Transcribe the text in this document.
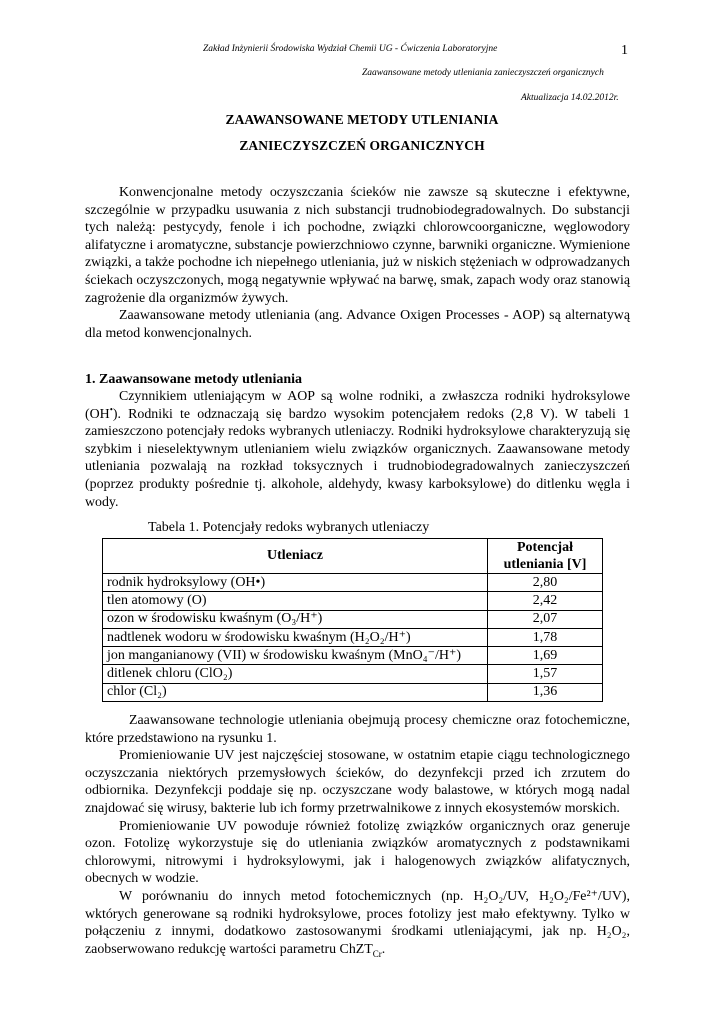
Zakład Inżynierii Środowiska Wydział Chemii UG - Ćwiczenia Laboratoryjne	1
Zaawansowane metody utleniania zanieczyszczeń organicznych
Aktualizacja 14.02.2012r.
ZAAWANSOWANE METODY UTLENIANIA
ZANIECZYSZCZEŃ ORGANICZNYCH

Konwencjonalne metody oczyszczania ścieków nie zawsze są skuteczne i efektywne, szczególnie w przypadku usuwania z nich substancji trudnobiodegradowalnych. Do substancji tych należą: pestycydy, fenole i ich pochodne, związki chlorowcoorganiczne, węglowodory alifatyczne i aromatyczne, substancje powierzchniowo czynne, barwniki organiczne. Wymienione związki, a także pochodne ich niepełnego utleniania, już w niskich stężeniach w odprowadzanych ściekach oczyszczonych, mogą negatywnie wpływać na barwę, smak, zapach wody oraz stanowią zagrożenie dla organizmów żywych.

Zaawansowane metody utleniania (ang. Advance Oxigen Processes - AOP) są alternatywą dla metod konwencjonalnych.

1. Zaawansowane metody utleniania

Czynnikiem utleniającym w AOP są wolne rodniki, a zwłaszcza rodniki hydroksylowe (OH•). Rodniki te odznaczają się bardzo wysokim potencjałem redoks (2,8 V). W tabeli 1 zamieszczono potencjały redoks wybranych utleniaczy. Rodniki hydroksylowe charakteryzują się szybkim i nieselektywnym utlenianiem wielu związków organicznych. Zaawansowane metody utleniania pozwalają na rozkład toksycznych i trudnobiodegradowalnych zanieczyszczeń (poprzez produkty pośrednie tj. alkohole, aldehydy, kwasy karboksylowe) do ditlenku węgla i wody.

Tabela 1. Potencjały redoks wybranych utleniaczy
Utleniacz	Potencjał
utleniania [V]

rodnik hydroksylowy (OH•)	2,80
tlen atomowy (O)	2,42
ozon w środowisku kwaśnym (O₃/H⁺)	2,07
nadtlenek wodoru w środowisku kwaśnym (H₂O₂/H⁺)	1,78
jon manganianowy (VII) w środowisku kwaśnym (MnO₄⁻/H⁺)	1,69
ditlenek chloru (ClO₂)	1,57
chlor (Cl₂)	1,36

Zaawansowane technologie utleniania obejmują procesy chemiczne oraz fotochemiczne, które przedstawiono na rysunku 1.

Promieniowanie UV jest najczęściej stosowane, w ostatnim etapie ciągu technologicznego oczyszczania niektórych przemysłowych ścieków, do dezynfekcji przed ich zrzutem do odbiornika. Dezynfekcji poddaje się np. oczyszczane wody balastowe, w których mogą nadal znajdować się wirusy, bakterie lub ich formy przetrwalnikowe z innych ekosystemów morskich.

Promieniowanie UV powoduje również fotolizę związków organicznych oraz generuje ozon. Fotolizę wykorzystuje się do utleniania związków aromatycznych z podstawnikami chlorowymi, nitrowymi i hydroksylowymi, jak i halogenowych związków alifatycznych, obecnych w wodzie.

W porównaniu do innych metod fotochemicznych (np. H₂O₂/UV, H₂O₂/Fe²⁺/UV), wktórych generowane są rodniki hydroksylowe, proces fotolizy jest mało efektywny. Tylko w połączeniu z innymi, dodatkowo zastosowanymi środkami utleniającymi, jak np. H₂O₂, zaobserwowano redukcję wartości parametru ChZT$_{Cr}$.
